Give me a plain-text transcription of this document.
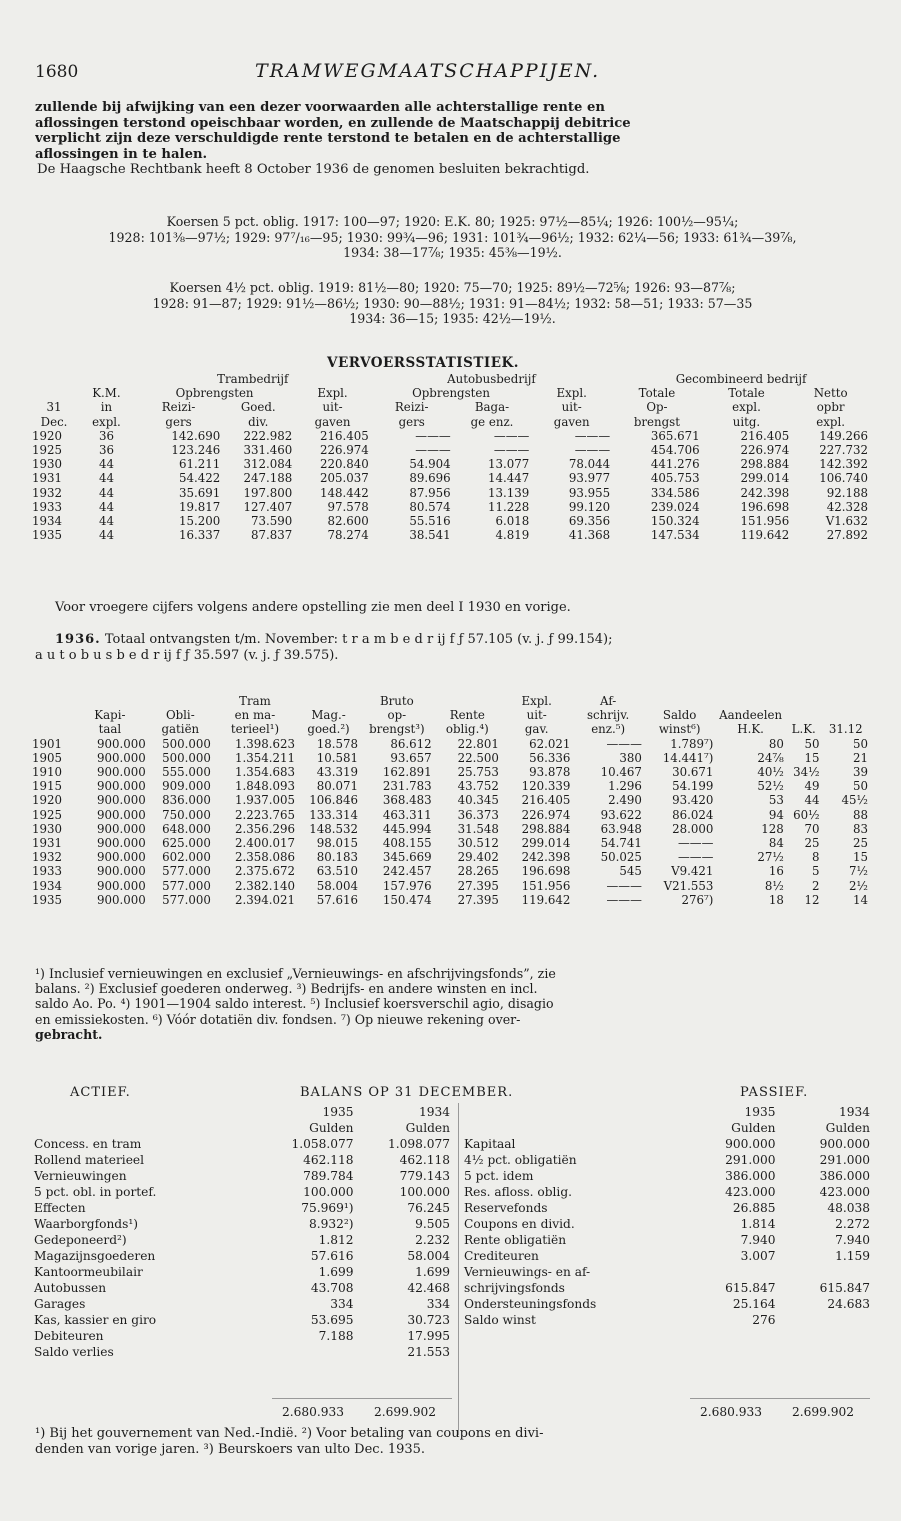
1680	TRAMWEGMAATSCHAPPIJEN.
zullende bij afwijking van een dezer voorwaarden alle achterstallige rente en
aflossingen terstond opeischbaar worden, en zullende de Maatschappij debitrice
verplicht zijn deze verschuldigde rente terstond te betalen en de achterstallige
aflossingen in te halen.
De Haagsche Rechtbank heeft 8 October 1936 de genomen besluiten bekrachtigd.
Koersen 5 pct. oblig. 1917: 100—97; 1920: E.K. 80; 1925: 97½—85¼; 1926: 100½—95¼;
1928: 101⅜—97½; 1929: 97⁷/₁₆—95; 1930: 99¾—96; 1931: 101¾—96½; 1932: 62¼—56; 1933: 61¾—39⅞,
1934: 38—17⅞; 1935: 45⅜—19½.
Koersen 4½ pct. oblig. 1919: 81½—80; 1920: 75—70; 1925: 89½—72⅝; 1926: 93—87⅞;
1928: 91—87; 1929: 91½—86½; 1930: 90—88½; 1931: 91—84½; 1932: 58—51; 1933: 57—35
1934: 36—15; 1935: 42½—19½.
VERVOERSSTATISTIEK.
		Trambedrijf			Autobusbedrijf			Gecombineerd bedrijf		
	K.M.	Opbrengsten		Expl.	Opbrengsten		Expl.	Totale	Totale	Netto
31	in	Reizi-	Goed.	uit-	Reizi-	Baga-	uit-	Op-	expl.	opbr
Dec.	expl.	gers	div.	gaven	gers	ge enz.	gaven	brengst	uitg.	expl.
1920	36	142.690	222.982	216.405	———	———	———	365.671	216.405	149.266
1925	36	123.246	331.460	226.974	———	———	———	454.706	226.974	227.732
1930	44	61.211	312.084	220.840	54.904	13.077	78.044	441.276	298.884	142.392
1931	44	54.422	247.188	205.037	89.696	14.447	93.977	405.753	299.014	106.740
1932	44	35.691	197.800	148.442	87.956	13.139	93.955	334.586	242.398	92.188
1933	44	19.817	127.407	97.578	80.574	11.228	99.120	239.024	196.698	42.328
1934	44	15.200	73.590	82.600	55.516	6.018	69.356	150.324	151.956	V1.632
1935	44	16.337	87.837	78.274	38.541	4.819	41.368	147.534	119.642	27.892
Voor vroegere cijfers volgens andere opstelling zie men deel I 1930 en vorige.
1936. Totaal ontvangsten t/m. November: t r a m b e d r ij f ƒ 57.105 (v. j. ƒ 99.154);
a u t o b u s b e d r ij f ƒ 35.597 (v. j. ƒ 39.575).
			Tram		Bruto		Expl.	Af-				
	Kapi-	Obli-	en ma-	Mag.-	op-	Rente	uit-	schrijv.	Saldo	Aandeelen		
	taal	gatiën	terieel¹)	goed.²)	brengst³)	oblig.⁴)	gav.	enz.⁵)	winst⁶)	H.K.	L.K.	31.12
1901	900.000	500.000	1.398.623	18.578	86.612	22.801	62.021	———	1.789⁷)	80	50	50
1905	900.000	500.000	1.354.211	10.581	93.657	22.500	56.336	380	14.441⁷)	24⅞	15	21
1910	900.000	555.000	1.354.683	43.319	162.891	25.753	93.878	10.467	30.671	40½	34½	39
1915	900.000	909.000	1.848.093	80.071	231.783	43.752	120.339	1.296	54.199	52½	49	50
1920	900.000	836.000	1.937.005	106.846	368.483	40.345	216.405	2.490	93.420	53	44	45½
1925	900.000	750.000	2.223.765	133.314	463.311	36.373	226.974	93.622	86.024	94	60½	88
1930	900.000	648.000	2.356.296	148.532	445.994	31.548	298.884	63.948	28.000	128	70	83
1931	900.000	625.000	2.400.017	98.015	408.155	30.512	299.014	54.741	———	84	25	25
1932	900.000	602.000	2.358.086	80.183	345.669	29.402	242.398	50.025	———	27½	8	15
1933	900.000	577.000	2.375.672	63.510	242.457	28.265	196.698	545	V9.421	16	5	7½
1934	900.000	577.000	2.382.140	58.004	157.976	27.395	151.956	———	V21.553	8½	2	2½
1935	900.000	577.000	2.394.021	57.616	150.474	27.395	119.642	———	276⁷)	18	12	14
¹) Inclusief vernieuwingen en exclusief „Vernieuwings- en afschrijvingsfonds”, zie
balans. ²) Exclusief goederen onderweg. ³) Bedrijfs- en andere winsten en incl.
saldo Ao. Po. ⁴) 1901—1904 saldo interest. ⁵) Inclusief koersverschil agio, disagio
en emissiekosten. ⁶) Vóór dotatiën div. fondsen. ⁷) Op nieuwe rekening over-
gebracht.
ACTIEF.	BALANS OP 31 DECEMBER.	PASSIEF.
	1935	1934
	Gulden	Gulden
Concess. en tram	1.058.077	1.098.077
Rollend materieel	462.118	462.118
Vernieuwingen	789.784	779.143
5 pct. obl. in portef.	100.000	100.000
Effecten	75.969¹)	76.245
Waarborgfonds¹)	8.932²)	9.505
Gedeponeerd²)	1.812	2.232
Magazijnsgoederen	57.616	58.004
Kantoormeubilair	1.699	1.699
Autobussen	43.708	42.468
Garages	334	334
Kas, kassier en giro	53.695	30.723
Debiteuren	7.188	17.995
Saldo verlies		21.553
	1935	1934
	Gulden	Gulden
Kapitaal	900.000	900.000
4½ pct. obligatiën	291.000	291.000
5 pct. idem	386.000	386.000
Res. afloss. oblig.	423.000	423.000
Reservefonds	26.885	48.038
Coupons en divid.	1.814	2.272
Rente obligatiën	7.940	7.940
Crediteuren	3.007	1.159
Vernieuwings- en af-		
schrijvingsfonds	615.847	615.847
Ondersteuningsfonds	25.164	24.683
Saldo winst	276	
2.680.933 2.699.902	2.680.933 2.699.902
¹) Bij het gouvernement van Ned.-Indië. ²) Voor betaling van coupons en divi-
denden van vorige jaren. ³) Beurskoers van ulto Dec. 1935.
